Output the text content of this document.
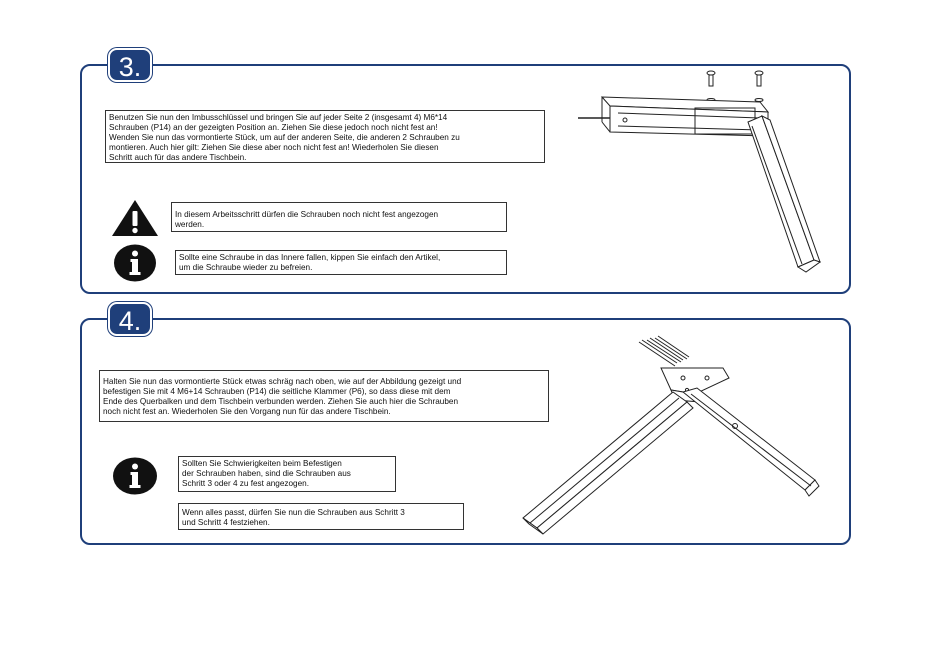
3.
Benutzen Sie nun den Imbusschlüssel und bringen Sie auf jeder Seite 2 (insgesamt 4) M6*14
Schrauben (P14) an der gezeigten Position an. Ziehen Sie diese jedoch noch nicht fest an!
Wenden Sie nun das vormontierte Stück, um auf der anderen Seite, die anderen 2 Schrauben zu
montieren. Auch hier gilt: Ziehen Sie diese aber noch nicht fest an! Wiederholen Sie diesen
Schritt auch für das andere Tischbein.
In diesem Arbeitsschritt dürfen die Schrauben noch nicht fest angezogen
werden.
Sollte eine Schraube in das Innere fallen, kippen Sie einfach den Artikel,
um die Schraube wieder zu befreien.
4.
Halten Sie nun das vormontierte Stück etwas schräg nach oben, wie auf der Abbildung gezeigt und
befestigen Sie mit 4 M6+14 Schrauben (P14) die seitliche Klammer (P6), so dass diese mit dem
Ende des Querbalken und dem Tischbein verbunden werden. Ziehen Sie auch hier die Schrauben
noch nicht fest an. Wiederholen Sie den Vorgang nun für das andere Tischbein.
Sollten Sie Schwierigkeiten beim Befestigen
der Schrauben haben, sind die Schrauben aus
Schritt 3 oder 4 zu fest angezogen.
Wenn alles passt, dürfen Sie nun die Schrauben aus Schritt 3
und Schritt 4 festziehen.
